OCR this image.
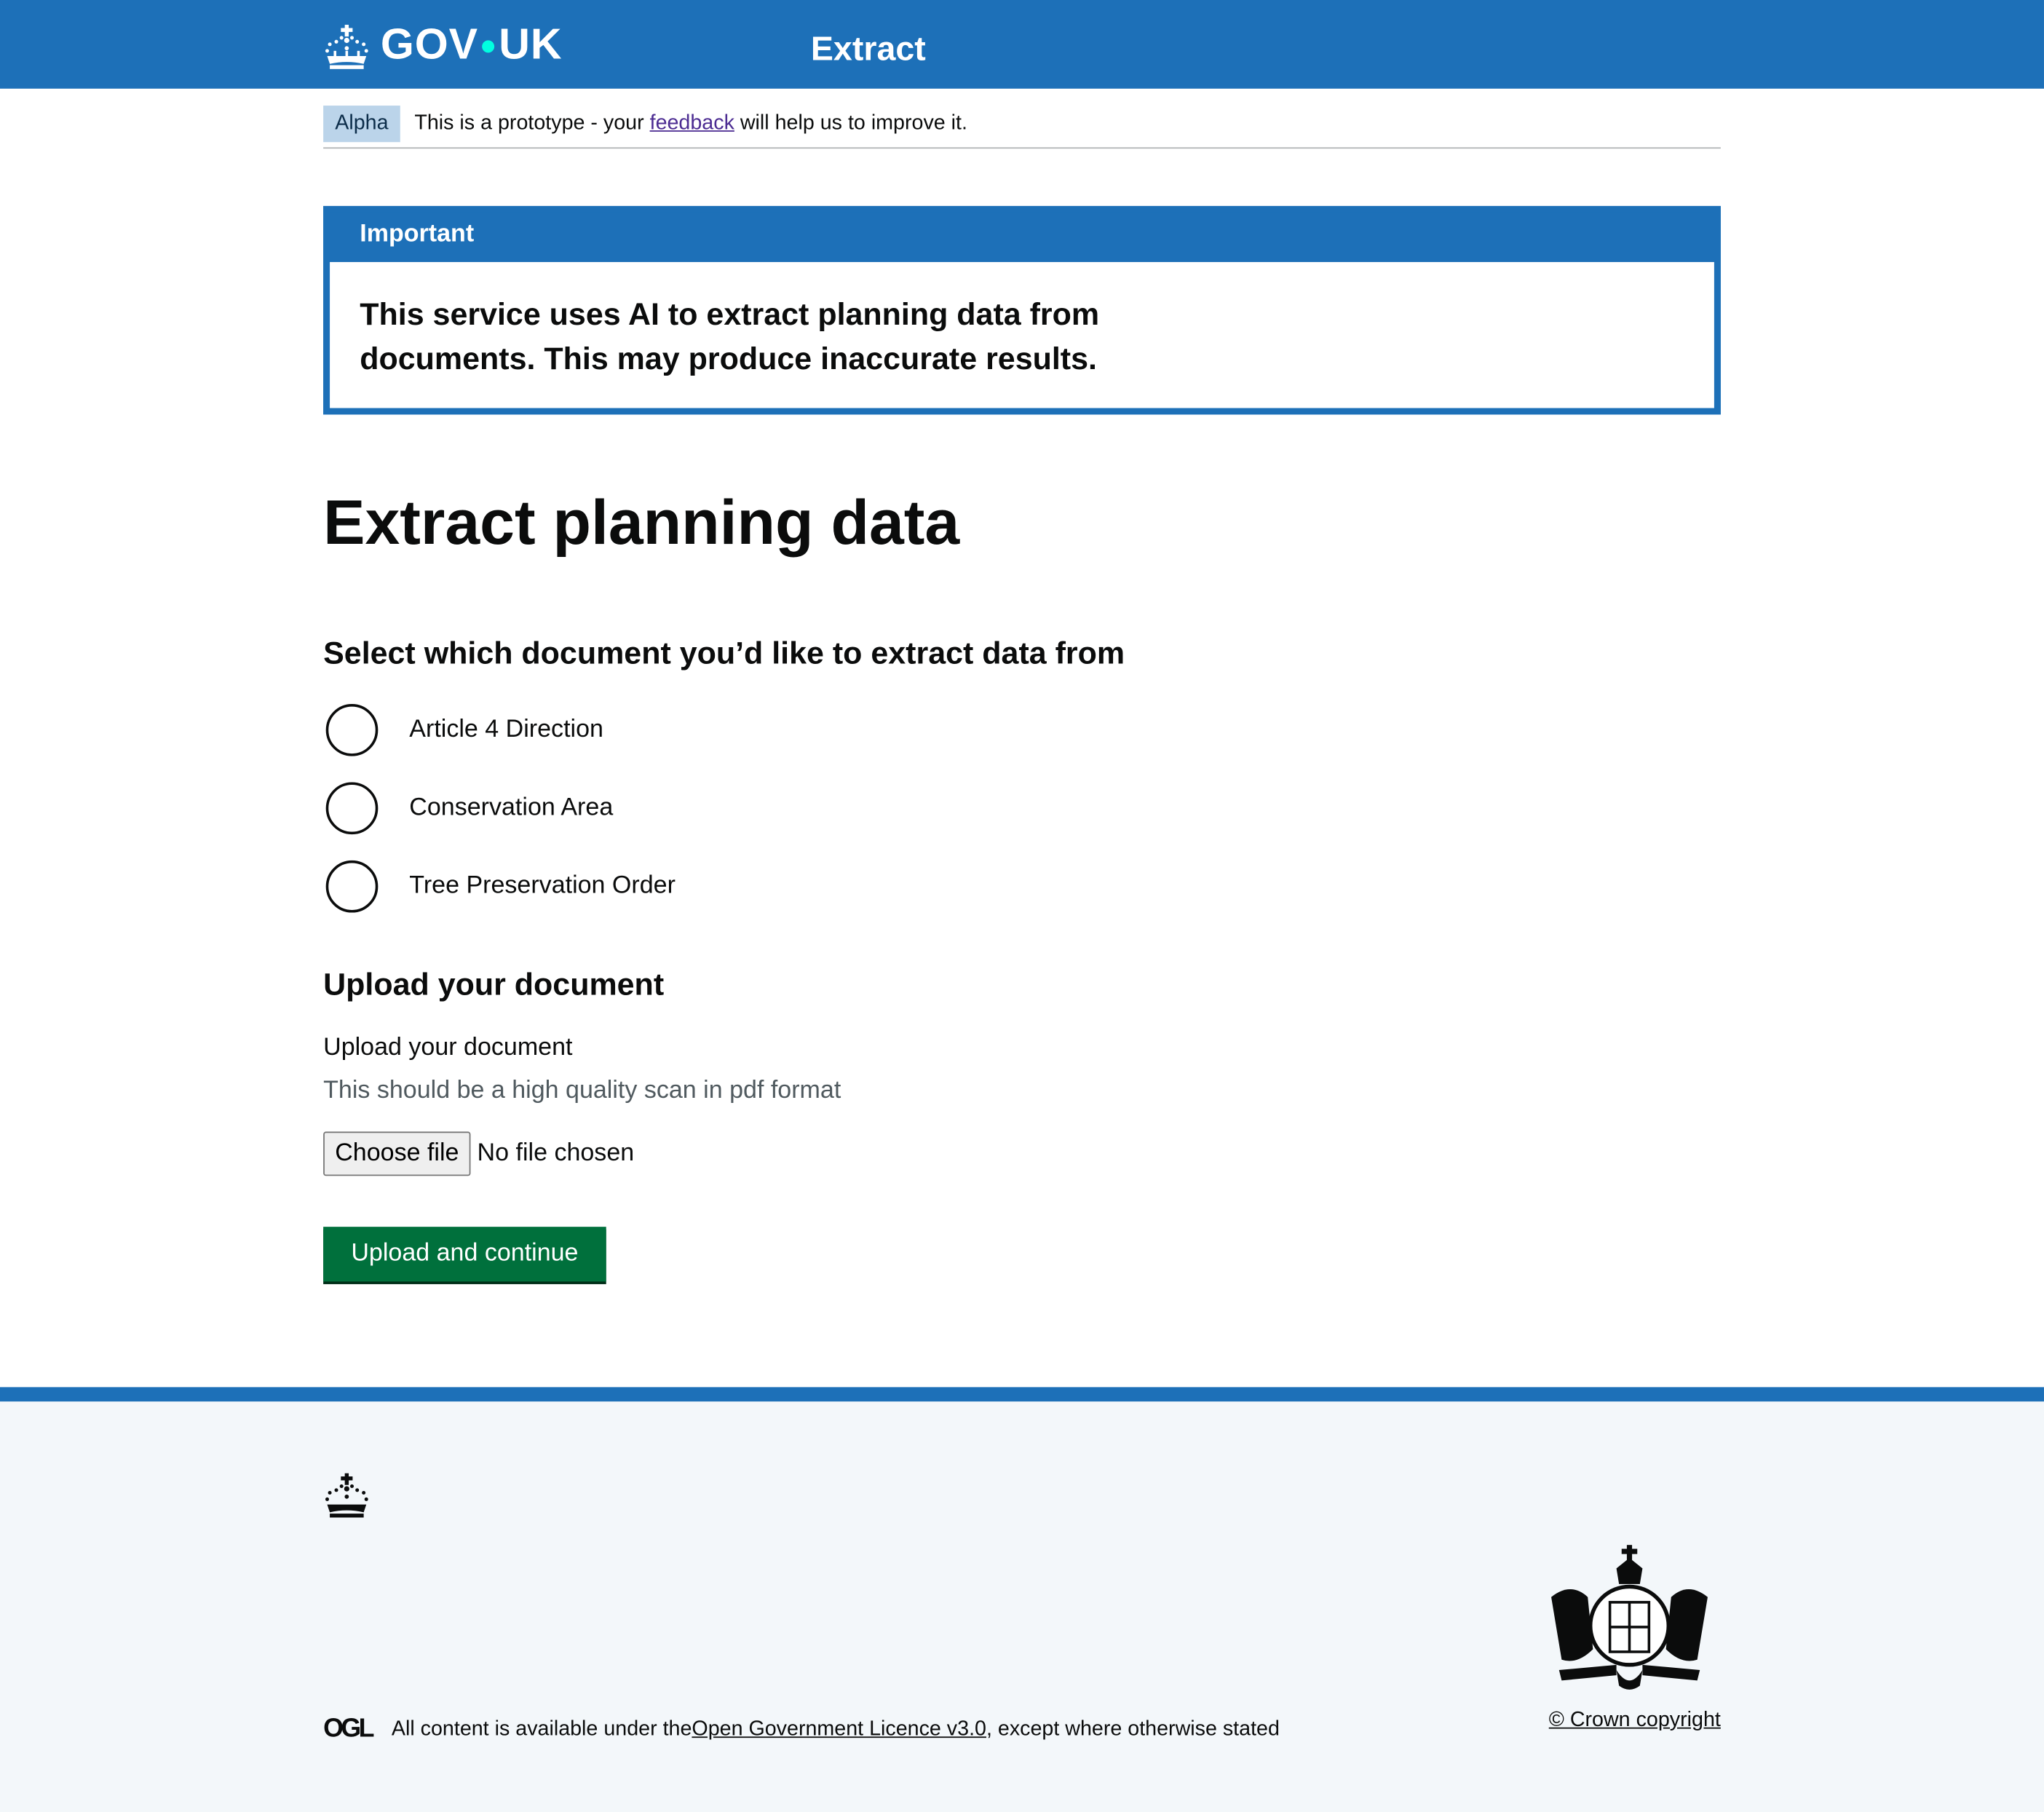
GOV●UK	Extract
Alpha	This is a prototype - your feedback will help us to improve it.
Important
This service uses AI to extract planning data from documents. This may produce inaccurate results.
Extract planning data
Select which document you’d like to extract data from
Article 4 Direction
Conservation Area
Tree Preservation Order
Upload your document
Upload your document
This should be a high quality scan in pdf format
Choose file	No file chosen
Upload and continue
OGL All content is available under the Open Government Licence v3.0 , except where otherwise stated	© Crown copyright
